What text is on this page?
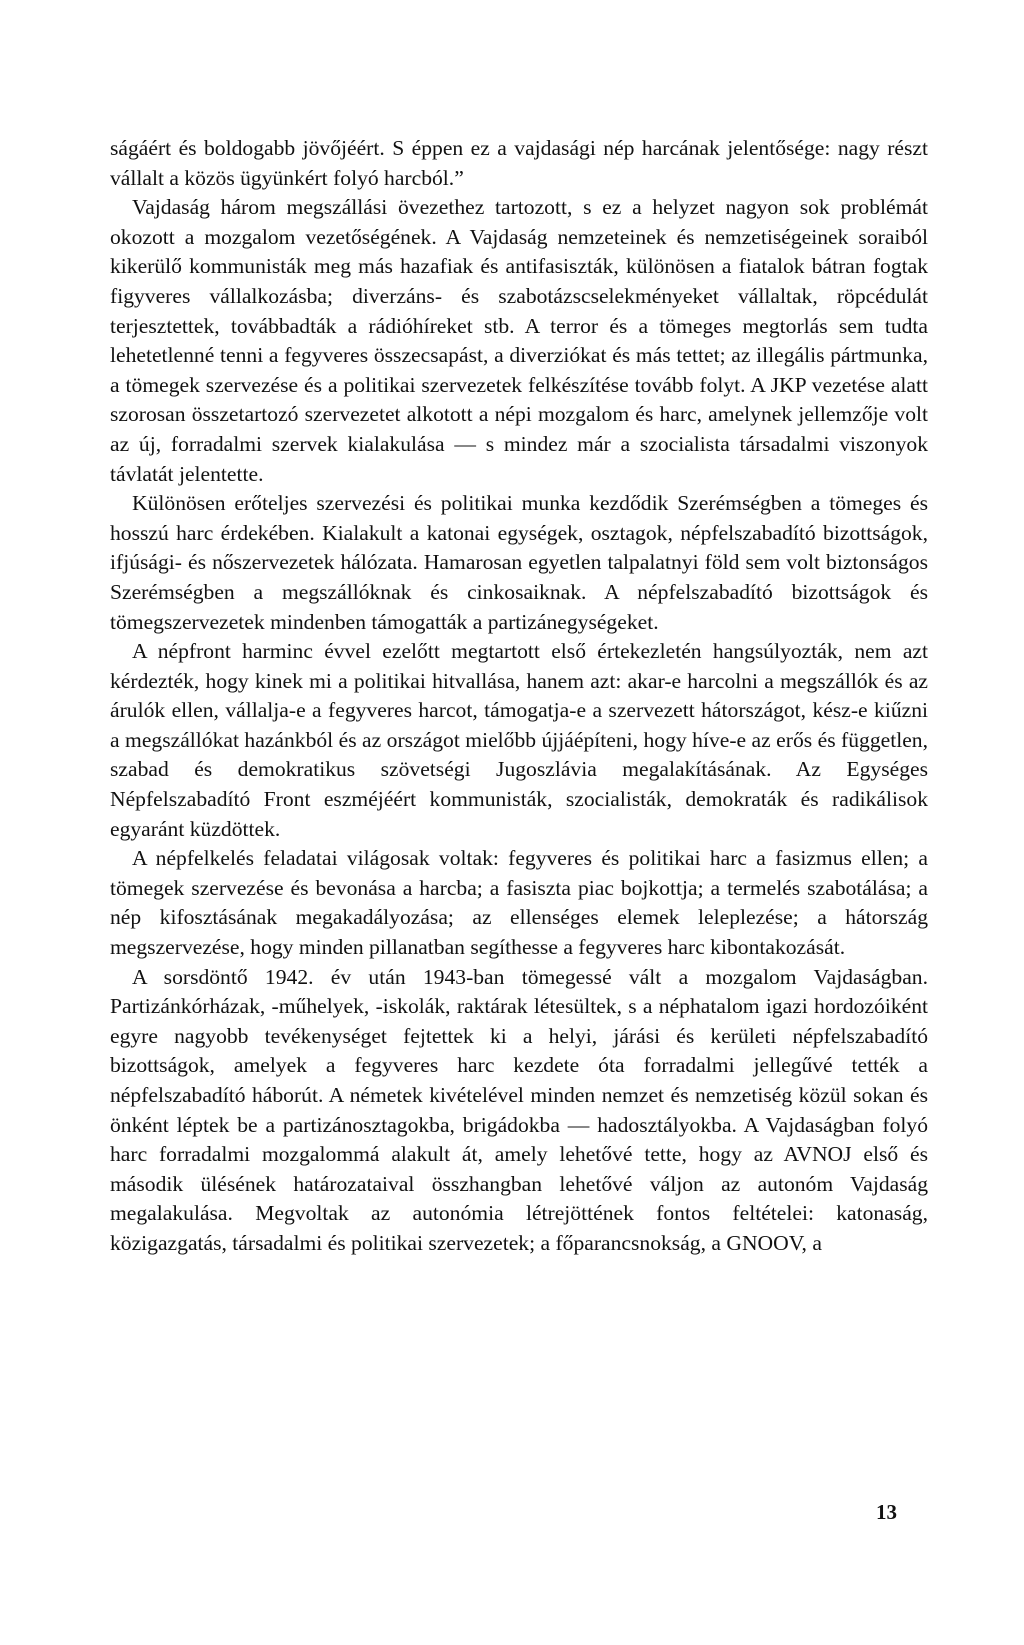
ságáért és boldogabb jövőjéért. S éppen ez a vajdasági nép harcának jelentősége: nagy részt vállalt a közös ügyünkért folyó harcból.”

Vajdaság három megszállási övezethez tartozott, s ez a helyzet nagyon sok problémát okozott a mozgalom vezetőségének. A Vajdaság nemzeteinek és nemzetiségeinek soraiból kikerülő kommunisták meg más hazafiak és antifasiszták, különösen a fiatalok bátran fogtak figyveres vállalkozásba; diverzáns- és szabotázscselekményeket vállaltak, röpcédulát terjesztettek, továbbadták a rádióhíreket stb. A terror és a tömeges megtorlás sem tudta lehetetlenné tenni a fegyveres összecsapást, a diverziókat és más tettet; az illegális pártmunka, a tömegek szervezése és a politikai szervezetek felkészítése tovább folyt. A JKP vezetése alatt szorosan összetartozó szervezetet alkotott a népi mozgalom és harc, amelynek jellemzője volt az új, forradalmi szervek kialakulása — s mindez már a szocialista társadalmi viszonyok távlatát jelentette.

Különösen erőteljes szervezési és politikai munka kezdődik Szerémségben a tömeges és hosszú harc érdekében. Kialakult a katonai egységek, osztagok, népfelszabadító bizottságok, ifjúsági- és nőszervezetek hálózata. Hamarosan egyetlen talpalatnyi föld sem volt biztonságos Szerémségben a megszállóknak és cinkosaiknak. A népfelszabadító bizottságok és tömegszervezetek mindenben támogatták a partizánegységeket.

A népfront harminc évvel ezelőtt megtartott első értekezletén hangsúlyozták, nem azt kérdezték, hogy kinek mi a politikai hitvallása, hanem azt: akar-e harcolni a megszállók és az árulók ellen, vállalja-e a fegyveres harcot, támogatja-e a szervezett hátországot, kész-e kiűzni a megszállókat hazánkból és az országot mielőbb újjáépíteni, hogy híve-e az erős és független, szabad és demokratikus szövetségi Jugoszlávia megalakításának. Az Egységes Népfelszabadító Front eszméjéért kommunisták, szocialisták, demokraták és radikálisok egyaránt küzdöttek.

A népfelkelés feladatai világosak voltak: fegyveres és politikai harc a fasizmus ellen; a tömegek szervezése és bevonása a harcba; a fasiszta piac bojkottja; a termelés szabotálása; a nép kifosztásának megakadályozása; az ellenséges elemek leleplezése; a hátország megszervezése, hogy minden pillanatban segíthesse a fegyveres harc kibontakozását.

A sorsdöntő 1942. év után 1943-ban tömegessé vált a mozgalom Vajdaságban. Partizánkórházak, -műhelyek, -iskolák, raktárak létesültek, s a néphatalom igazi hordozóiként egyre nagyobb tevékenységet fejtettek ki a helyi, járási és kerületi népfelszabadító bizottságok, amelyek a fegyveres harc kezdete óta forradalmi jellegűvé tették a népfelszabadító háborút. A németek kivételével minden nemzet és nemzetiség közül sokan és önként léptek be a partizánosztagokba, brigádokba — hadosztályokba. A Vajdaságban folyó harc forradalmi mozgalommá alakult át, amely lehetővé tette, hogy az AVNOJ első és második ülésének határozataival összhangban lehetővé váljon az autonóm Vajdaság megalakulása. Megvoltak az autonómia létrejöttének fontos feltételei: katonaság, közigazgatás, társadalmi és politikai szervezetek; a főparancsnokság, a GNOOV, a

13
